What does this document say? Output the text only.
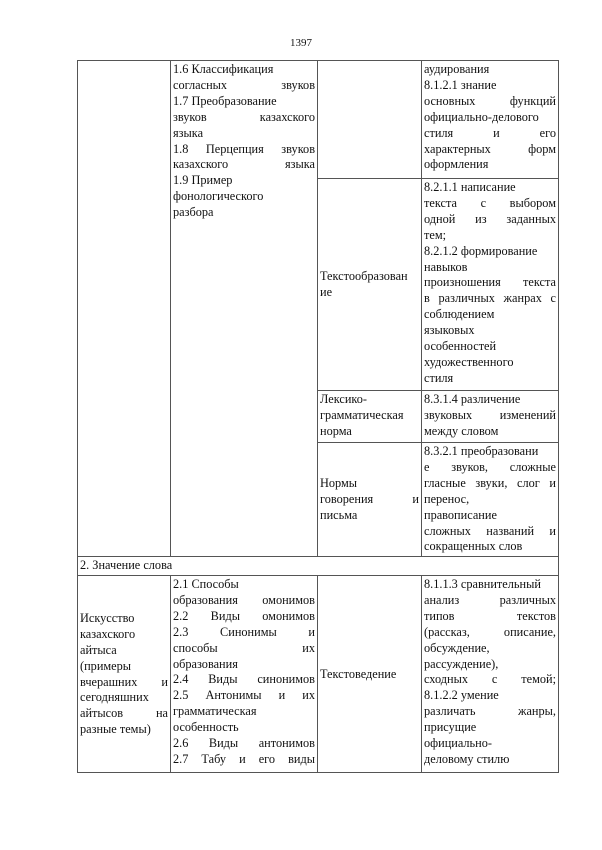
1397
1.6 Классификация
согласных звуков
1.7 Преобразование
звуков казахского
языка
1.8 Перцепция звуков
казахского языка
1.9 Пример
фонологического
разбора
аудирования
8.1.2.1 знание
основных функций
официально-делового
стиля и его
характерных форм
оформления
Текстообразован
ие
8.2.1.1 написание
текста с выбором
одной из заданных
тем;
8.2.1.2 формирование
навыков
произношения текста
в различных жанрах с
соблюдением
языковых
особенностей
художественного
стиля
Лексико-
грамматическая
норма
8.3.1.4 различение
звуковых изменений
между словом
Нормы
говорения и
письма
8.3.2.1 преобразовани
е звуков, сложные
гласные звуки, слог и
перенос,
правописание
сложных названий и
сокращенных слов
2. Значение слова
Искусство
казахского
айтыса
(примеры
вчерашних и
сегодняшних
айтысов на
разные темы)
2.1 Способы
образования омонимов
2.2 Виды омонимов
2.3 Синонимы и
способы их
образования
2.4 Виды синонимов
2.5 Антонимы и их
грамматическая
особенность
2.6 Виды антонимов
2.7 Табу и его виды
Текстоведение
8.1.1.3 сравнительный
анализ различных
типов текстов
(рассказ, описание,
обсуждение,
рассуждение),
сходных с темой;
8.1.2.2 умение
различать жанры,
присущие
официально-
деловому стилю
